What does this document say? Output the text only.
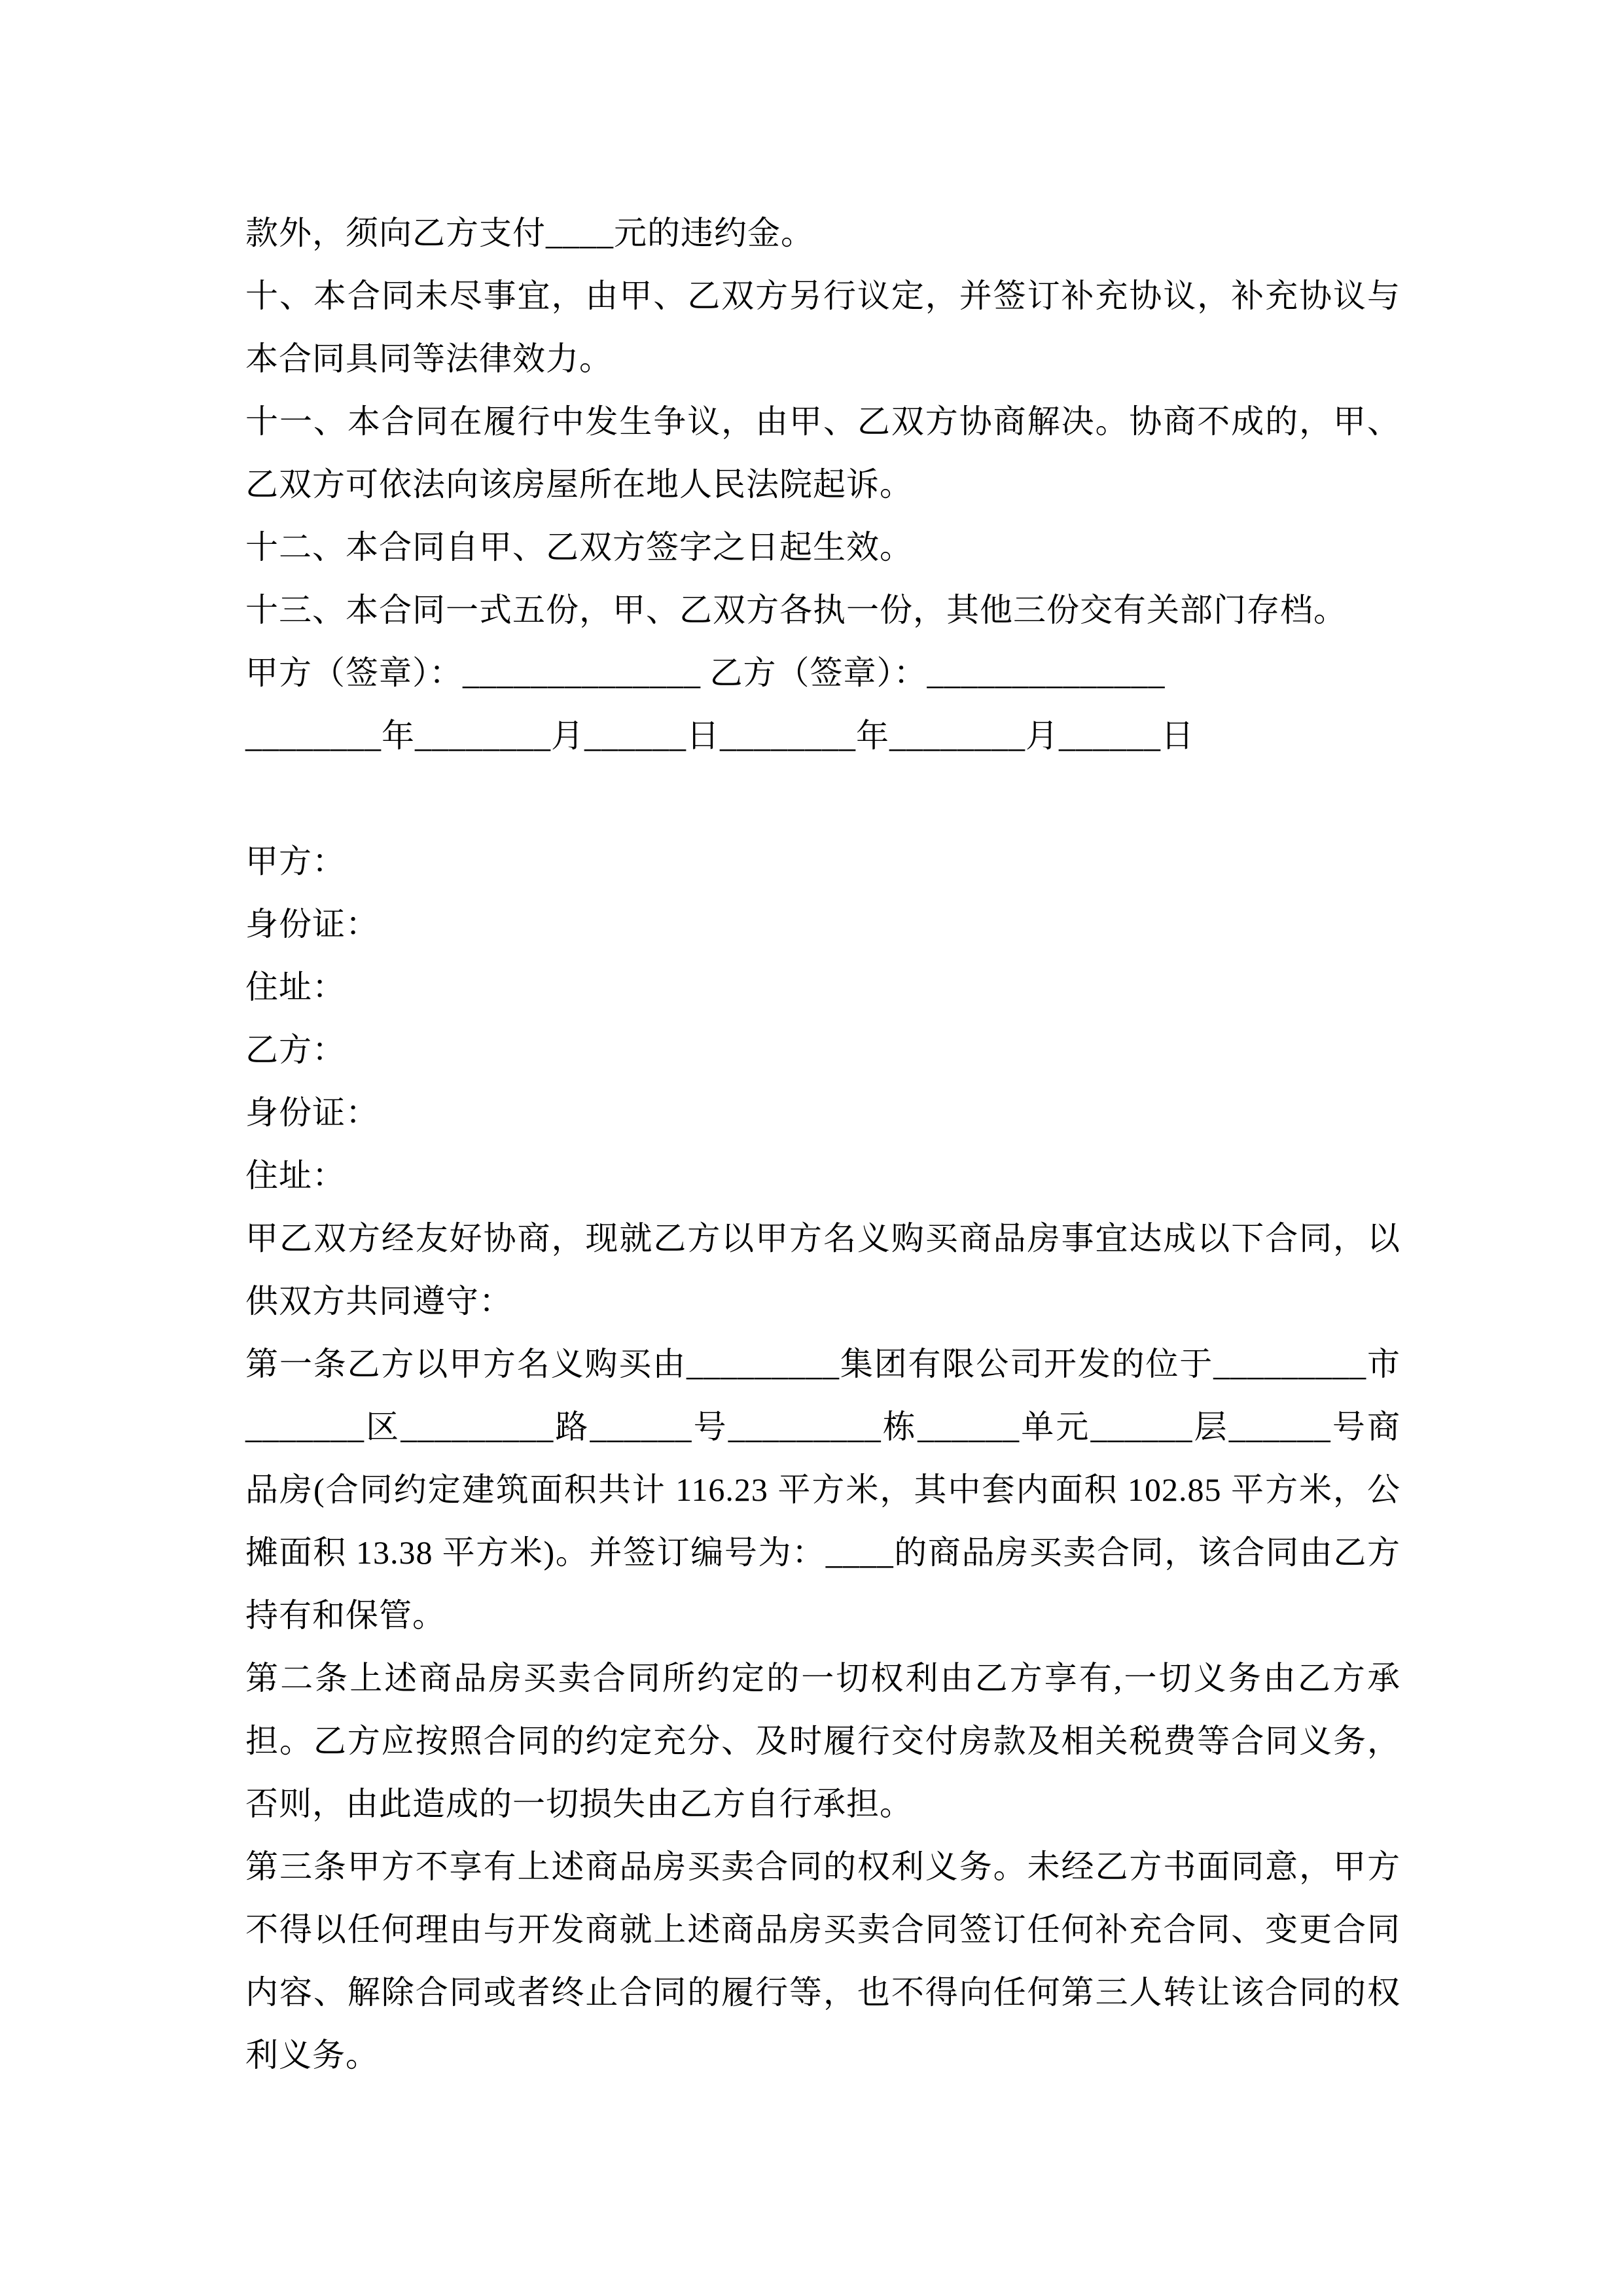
款外，须向乙方支付____元的违约金。

十、本合同未尽事宜，由甲、乙双方另行议定，并签订补充协议，补充协议与本合同具同等法律效力。

十一、本合同在履行中发生争议，由甲、乙双方协商解决。协商不成的，甲、乙双方可依法向该房屋所在地人民法院起诉。

十二、本合同自甲、乙双方签字之日起生效。

十三、本合同一式五份，甲、乙双方各执一份，其他三份交有关部门存档。

甲方（签章）：______________ 乙方（签章）：______________

________年________月______日________年________月______日

甲方：

身份证：

住址：

乙方：

身份证：

住址：

甲乙双方经友好协商，现就乙方以甲方名义购买商品房事宜达成以下合同，以供双方共同遵守：

第一条乙方以甲方名义购买由_________集团有限公司开发的位于_________市_______区_________路______号_________栋______单元______层______号商品房(合同约定建筑面积共计 116.23 平方米，其中套内面积 102.85 平方米，公摊面积 13.38 平方米)。并签订编号为：____的商品房买卖合同，该合同由乙方持有和保管。

第二条上述商品房买卖合同所约定的一切权利由乙方享有,一切义务由乙方承担。乙方应按照合同的约定充分、及时履行交付房款及相关税费等合同义务，否则，由此造成的一切损失由乙方自行承担。

第三条甲方不享有上述商品房买卖合同的权利义务。未经乙方书面同意，甲方不得以任何理由与开发商就上述商品房买卖合同签订任何补充合同、变更合同内容、解除合同或者终止合同的履行等，也不得向任何第三人转让该合同的权利义务。
